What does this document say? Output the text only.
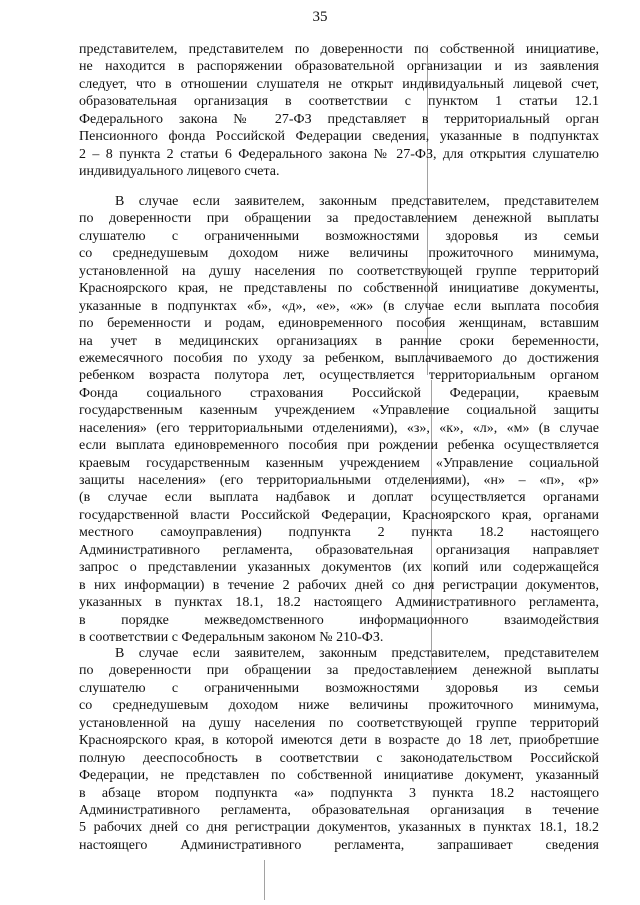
35
представителем, представителем по доверенности по собственной инициативе,
не находится в распоряжении образовательной организации и из заявления
следует, что в отношении слушателя не открыт индивидуальный лицевой счет,
образовательная организация в соответствии с пунктом 1 статьи 12.1
Федерального закона № 27-ФЗ представляет в территориальный орган
Пенсионного фонда Российской Федерации сведения, указанные в подпунктах
2 – 8 пункта 2 статьи 6 Федерального закона № 27-ФЗ, для открытия слушателю
индивидуального лицевого счета.
В случае если заявителем, законным представителем, представителем
по доверенности при обращении за предоставлением денежной выплаты
слушателю с ограниченными возможностями здоровья из семьи
со среднедушевым доходом ниже величины прожиточного минимума,
установленной на душу населения по соответствующей группе территорий
Красноярского края, не представлены по собственной инициативе документы,
указанные в подпунктах «б», «д», «е», «ж» (в случае если выплата пособия
по беременности и родам, единовременного пособия женщинам, вставшим
на учет в медицинских организациях в ранние сроки беременности,
ежемесячного пособия по уходу за ребенком, выплачиваемого до достижения
ребенком возраста полутора лет, осуществляется территориальным органом
Фонда социального страхования Российской Федерации, краевым
государственным казенным учреждением «Управление социальной защиты
населения» (его территориальными отделениями), «з», «к», «л», «м» (в случае
если выплата единовременного пособия при рождении ребенка осуществляется
краевым государственным казенным учреждением «Управление социальной
защиты населения» (его территориальными отделениями), «н» – «п», «р»
(в случае если выплата надбавок и доплат осуществляется органами
государственной власти Российской Федерации, Красноярского края, органами
местного самоуправления) подпункта 2 пункта 18.2 настоящего
Административного регламента, образовательная организация направляет
запрос о представлении указанных документов (их копий или содержащейся
в них информации) в течение 2 рабочих дней со дня регистрации документов,
указанных в пунктах 18.1, 18.2 настоящего Административного регламента,
в порядке межведомственного информационного взаимодействия
в соответствии с Федеральным законом № 210-ФЗ.
В случае если заявителем, законным представителем, представителем
по доверенности при обращении за предоставлением денежной выплаты
слушателю с ограниченными возможностями здоровья из семьи
со среднедушевым доходом ниже величины прожиточного минимума,
установленной на душу населения по соответствующей группе территорий
Красноярского края, в которой имеются дети в возрасте до 18 лет, приобретшие
полную дееспособность в соответствии с законодательством Российской
Федерации, не представлен по собственной инициативе документ, указанный
в абзаце втором подпункта «а» подпункта 3 пункта 18.2 настоящего
Административного регламента, образовательная организация в течение
5 рабочих дней со дня регистрации документов, указанных в пунктах 18.1, 18.2
настоящего Административного регламента, запрашивает сведения
